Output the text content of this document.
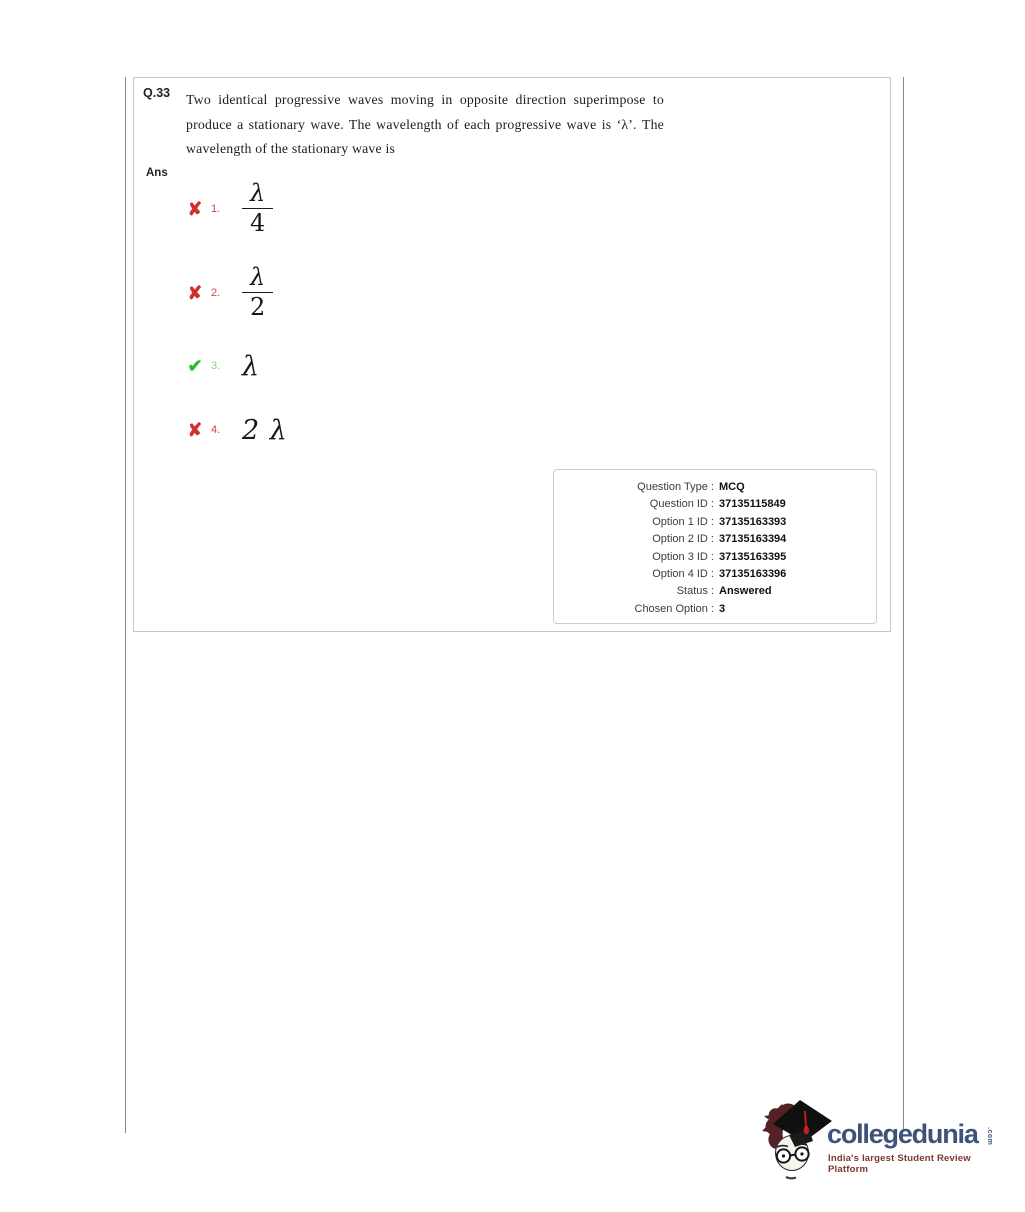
Q.33 Two identical progressive waves moving in opposite direction superimpose to
produce a stationary wave. The wavelength of each progressive wave is ‘λ’. The
wavelength of the stationary wave is
Ans
✘ 1. $\frac{\lambda}{4}$
✘ 2. $\frac{\lambda}{2}$
✔ 3. λ
✘ 4. 2 λ
Question Type : MCQ
Question ID : 37135115849
Option 1 ID : 37135163393
Option 2 ID : 37135163394
Option 3 ID : 37135163395
Option 4 ID : 37135163396
Status : Answered
Chosen Option : 3
collegedunia .com
India's largest Student Review Platform
